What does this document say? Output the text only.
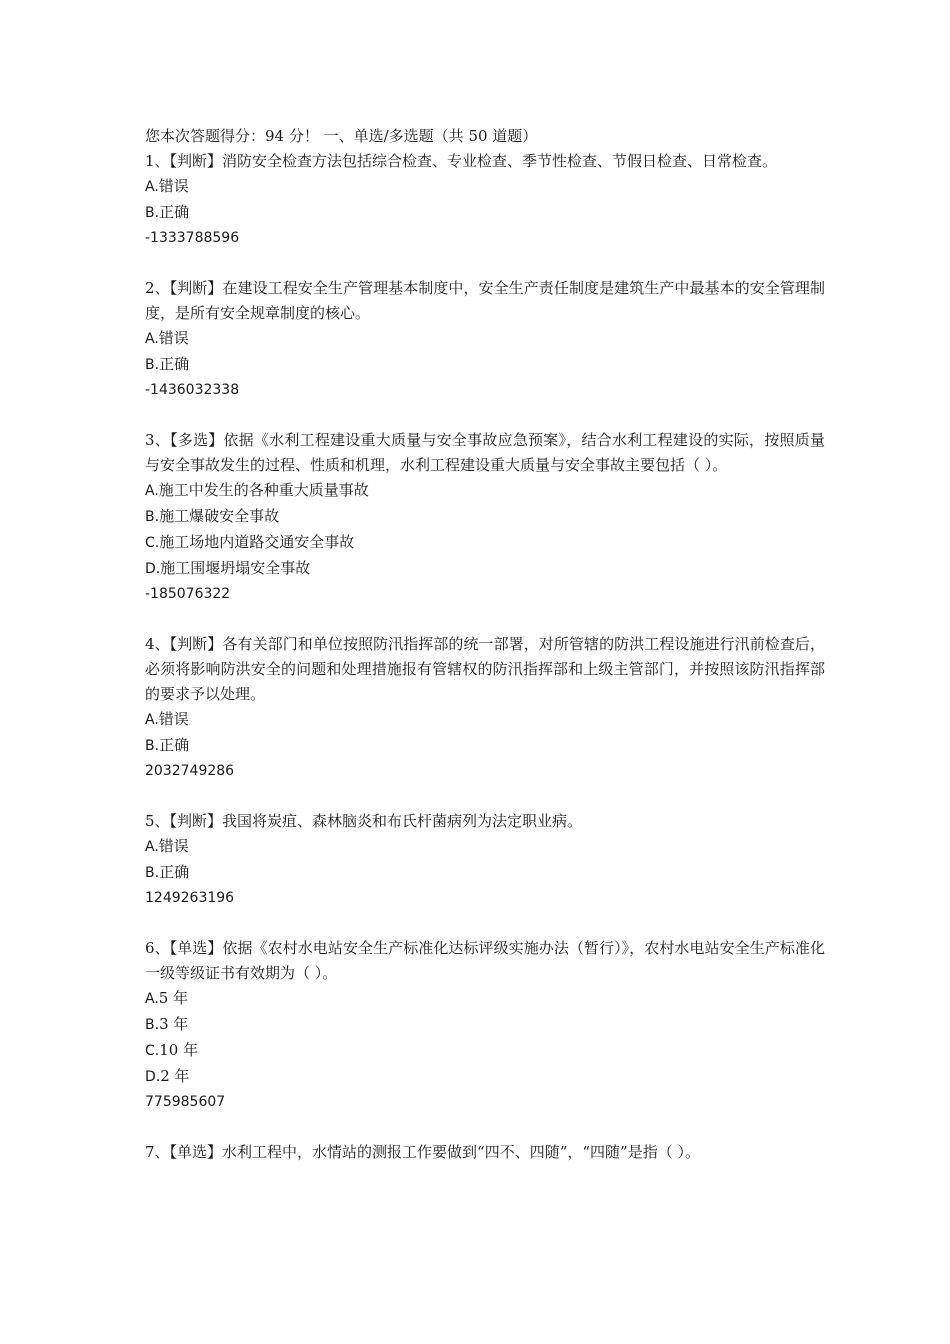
您本次答题得分：94 分！ 一、单选/多选题（共 50 道题）
1、【判断】消防安全检查方法包括综合检查、专业检查、季节性检查、节假日检查、日常检查。
A.错误
B.正确
-1333788596
2、【判断】在建设工程安全生产管理基本制度中，安全生产责任制度是建筑生产中最基本的安全管理制度，是所有安全规章制度的核心。
A.错误
B.正确
-1436032338
3、【多选】依据《水利工程建设重大质量与安全事故应急预案》，结合水利工程建设的实际，按照质量与安全事故发生的过程、性质和机理，水利工程建设重大质量与安全事故主要包括（ ）。
A.施工中发生的各种重大质量事故
B.施工爆破安全事故
C.施工场地内道路交通安全事故
D.施工围堰坍塌安全事故
-185076322
4、【判断】各有关部门和单位按照防汛指挥部的统一部署，对所管辖的防洪工程设施进行汛前检查后，必须将影响防洪安全的问题和处理措施报有管辖权的防汛指挥部和上级主管部门，并按照该防汛指挥部的要求予以处理。
A.错误
B.正确
2032749286
5、【判断】我国将炭疽、森林脑炎和布氏杆菌病列为法定职业病。
A.错误
B.正确
1249263196
6、【单选】依据《农村水电站安全生产标准化达标评级实施办法（暂行）》，农村水电站安全生产标准化一级等级证书有效期为（ ）。
A.5 年
B.3 年
C.10 年
D.2 年
775985607
7、【单选】水利工程中，水情站的测报工作要做到“四不、四随”，“四随”是指（ ）。
